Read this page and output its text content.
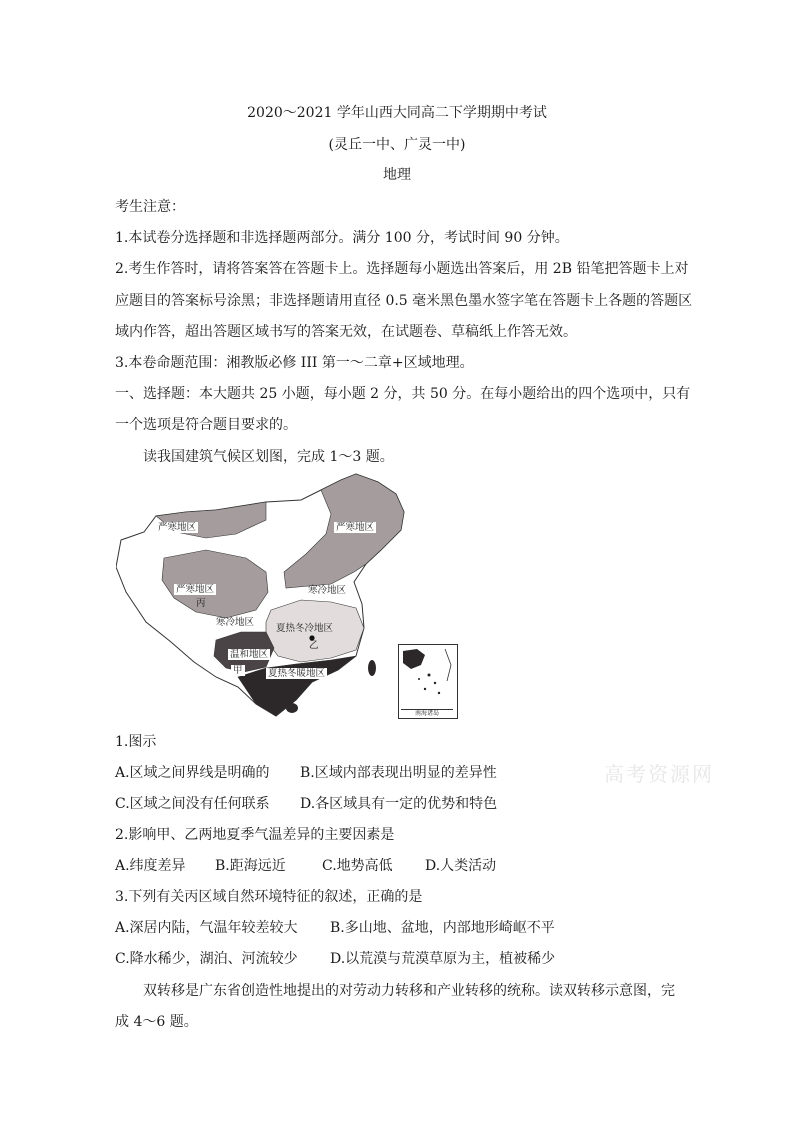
2020～2021 学年山西大同高二下学期期中考试
(灵丘一中、广灵一中)
地理
考生注意：
1.本试卷分选择题和非选择题两部分。满分 100 分，考试时间 90 分钟。
2.考生作答时，请将答案答在答题卡上。选择题每小题选出答案后，用 2B 铅笔把答题卡上对
应题目的答案标号涂黑；非选择题请用直径 0.5 毫米黑色墨水签字笔在答题卡上各题的答题区
域内作答，超出答题区域书写的答案无效，在试题卷、草稿纸上作答无效。
3.本卷命题范围：湘教版必修 III 第一～二章+区域地理。
一、选择题：本大题共 25 小题，每小题 2 分，共 50 分。在每小题给出的四个选项中，只有
一个选项是符合题目要求的。
读我国建筑气候区划图，完成 1～3 题。
严寒地区	严寒地区
严寒地区
丙
寒冷地区
寒冷地区
夏热冬冷地区
乙
温和地区
甲	夏热冬暖地区
南海诸岛
1.图示
A.区域之间界线是明确的 B.区域内部表现出明显的差异性
C.区域之间没有任何联系 D.各区域具有一定的优势和特色
2.影响甲、乙两地夏季气温差异的主要因素是
A.纬度差异 B.距海远近	C.地势高低 D.人类活动
3.下列有关丙区域自然环境特征的叙述，正确的是
A.深居内陆，气温年较差较大 B.多山地、盆地，内部地形崎岖不平
C.降水稀少，湖泊、河流较少 D.以荒漠与荒漠草原为主，植被稀少
双转移是广东省创造性地提出的对劳动力转移和产业转移的统称。读双转移示意图，完
成 4～6 题。
高考资源网
